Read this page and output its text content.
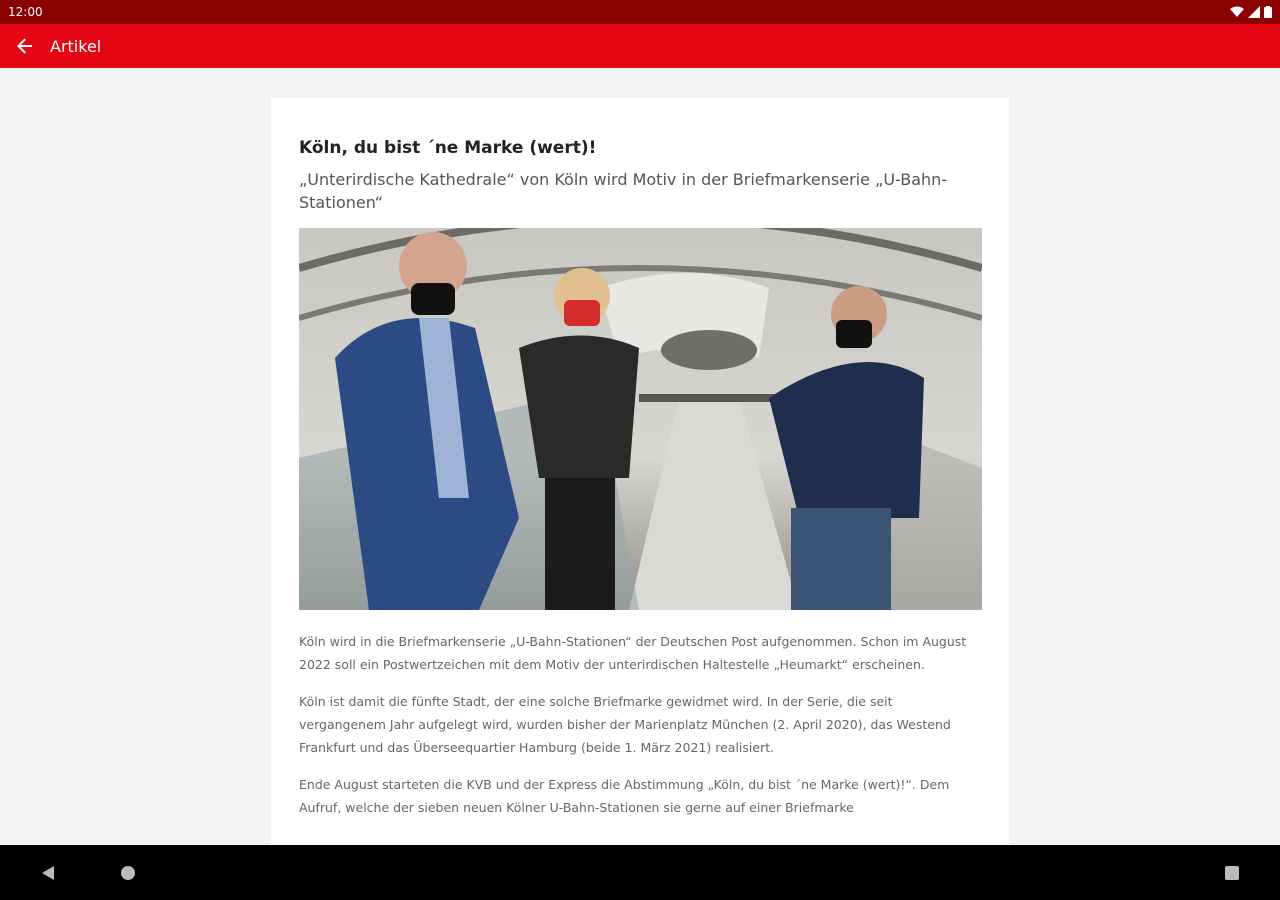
12:00
Artikel
Köln, du bist ´ne Marke (wert)!

„Unterirdische Kathedrale“ von Köln wird Motiv in der Briefmarkenserie „U-Bahn-Stationen“

Köln wird in die Briefmarkenserie „U-Bahn-Stationen“ der Deutschen Post aufgenommen. Schon im August 2022 soll ein Postwertzeichen mit dem Motiv der unterirdischen Haltestelle „Heumarkt“ erscheinen.

Köln ist damit die fünfte Stadt, der eine solche Briefmarke gewidmet wird. In der Serie, die seit vergangenem Jahr aufgelegt wird, wurden bisher der Marienplatz München (2. April 2020), das Westend Frankfurt und das Überseequartier Hamburg (beide 1. März 2021) realisiert.

Ende August starteten die KVB und der Express die Abstimmung „Köln, du bist ´ne Marke (wert)!“. Dem Aufruf, welche der sieben neuen Kölner U-Bahn-Stationen sie gerne auf einer Briefmarke
